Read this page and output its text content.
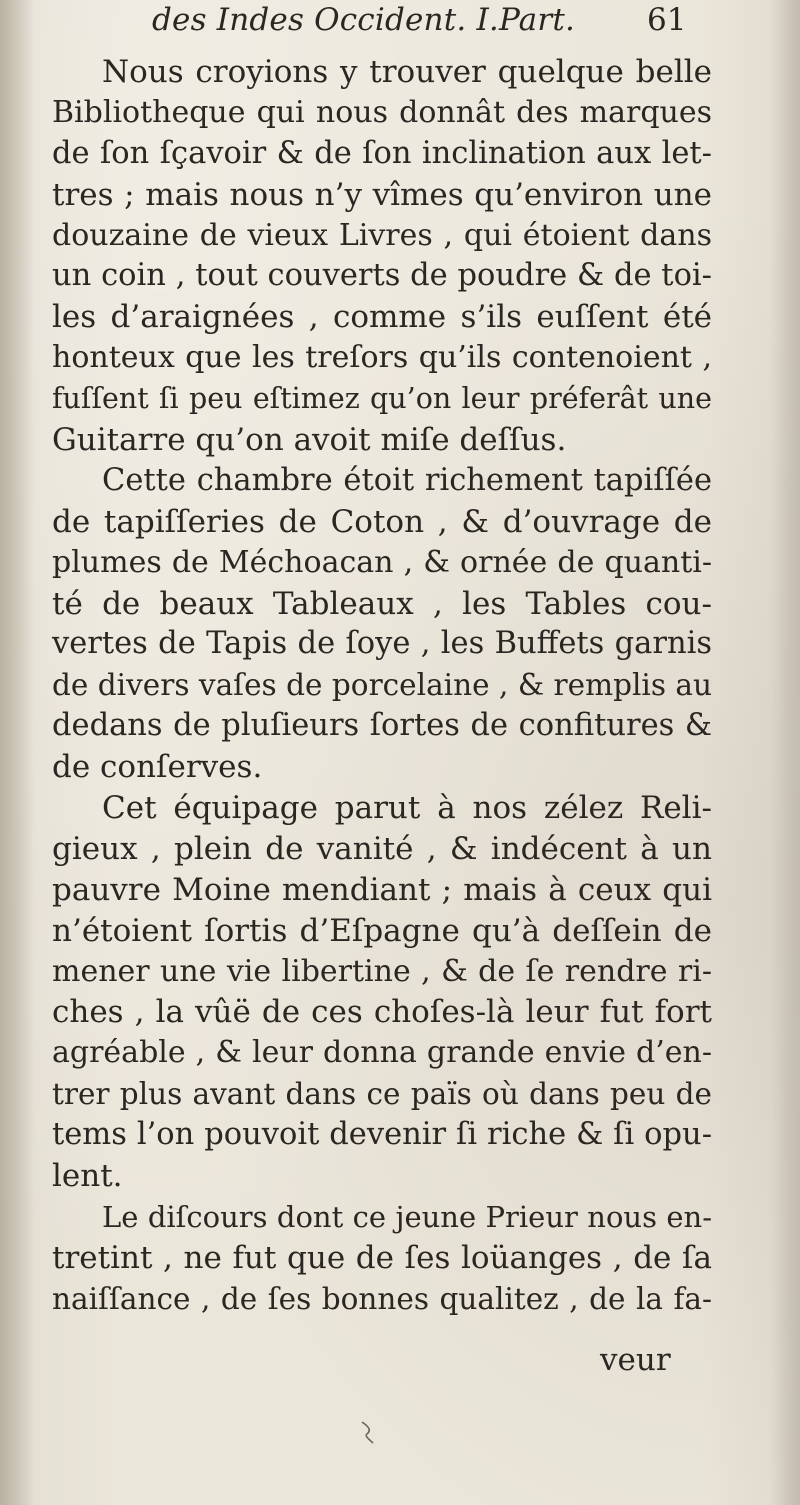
des Indes Occident. I.Part. 61
Nous croyions y trouver quelque belle
Bibliotheque qui nous donnât des marques
de ſon ſçavoir & de ſon inclination aux let-
tres ; mais nous n’y vîmes qu’environ une
douzaine de vieux Livres , qui étoient dans
un coin , tout couverts de poudre & de toi-
les d’araignées , comme s’ils euſſent été
honteux que les treſors qu’ils contenoient ,
fuſſent ſi peu eſtimez qu’on leur préferât une
Guitarre qu’on avoit miſe deſſus.
Cette chambre étoit richement tapiſſée
de tapiſſeries de Coton , & d’ouvrage de
plumes de Méchoacan , & ornée de quanti-
té de beaux Tableaux , les Tables cou-
vertes de Tapis de ſoye , les Buffets garnis
de divers vaſes de porcelaine , & remplis au
dedans de pluſieurs ſortes de confitures &
de conſerves.
Cet équipage parut à nos zélez Reli-
gieux , plein de vanité , & indécent à un
pauvre Moine mendiant ; mais à ceux qui
n’étoient ſortis d’Eſpagne qu’à deſſein de
mener une vie libertine , & de ſe rendre ri-
ches , la vûë de ces choſes-là leur fut fort
agréable , & leur donna grande envie d’en-
trer plus avant dans ce païs où dans peu de
tems l’on pouvoit devenir ſi riche & ſi opu-
lent.
Le diſcours dont ce jeune Prieur nous en-
tretint , ne fut que de ſes loüanges , de ſa
naiſſance , de ſes bonnes qualitez , de la fa-
veur
